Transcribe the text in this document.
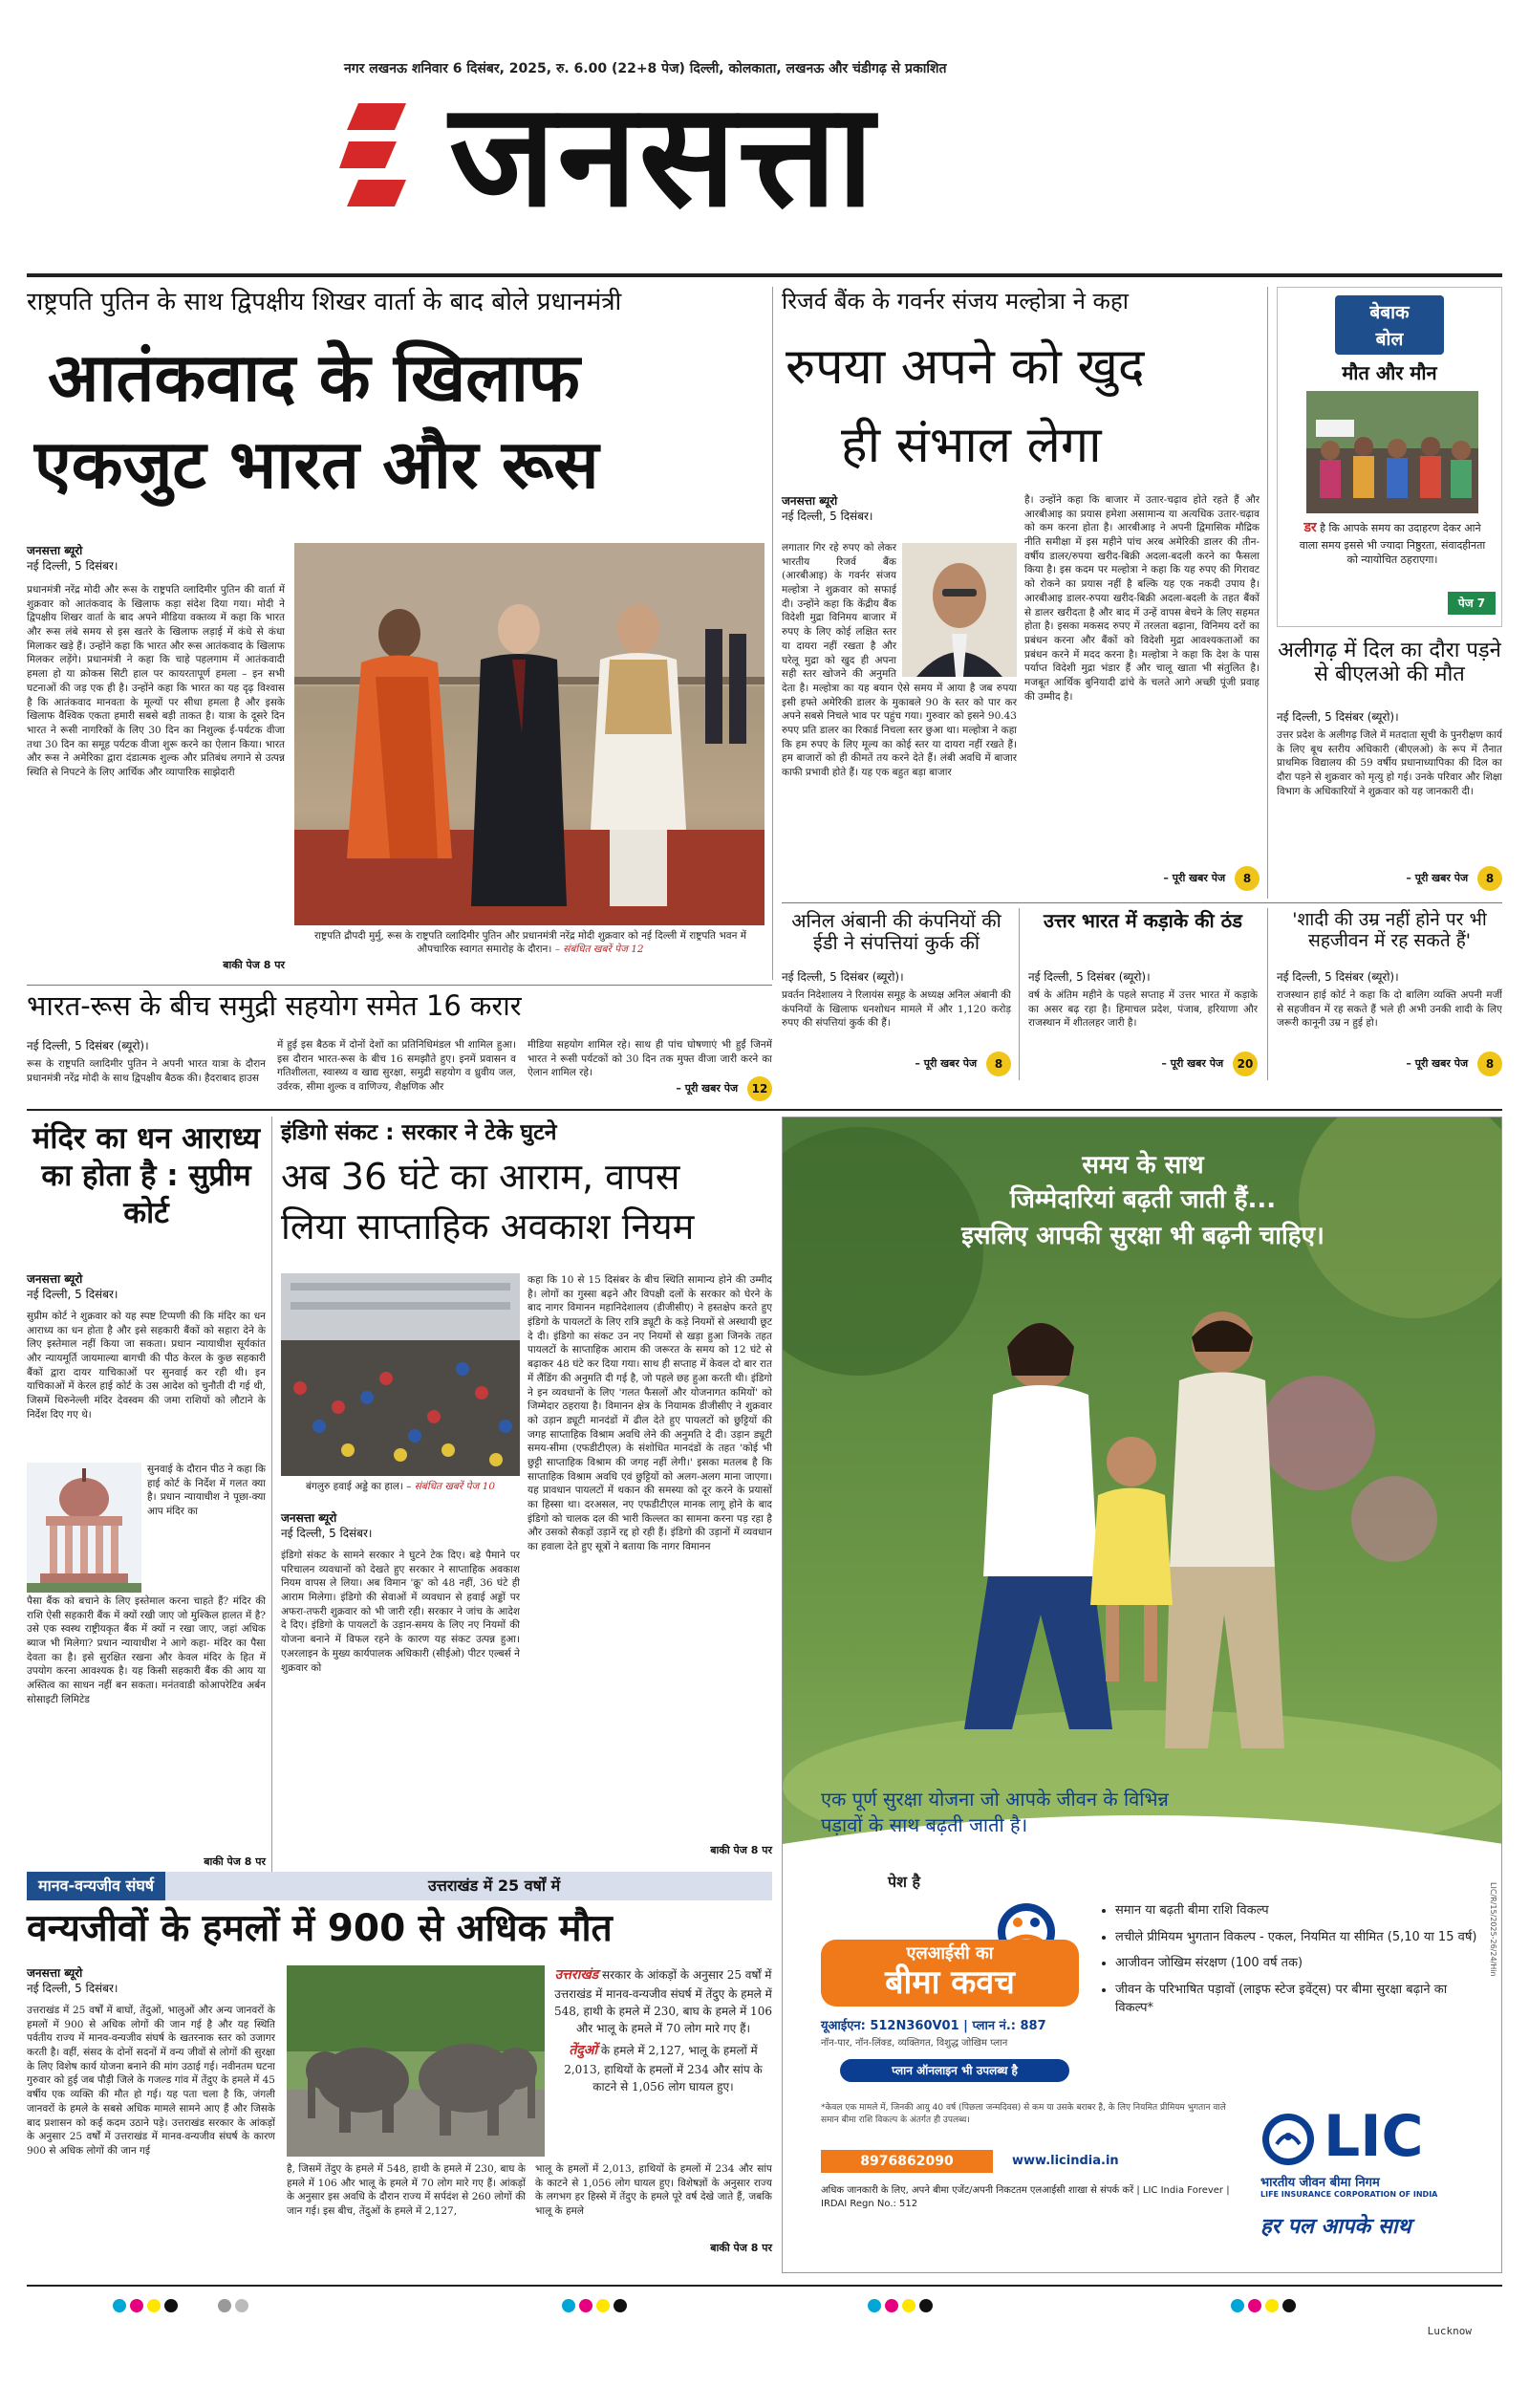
नगर लखनऊ शनिवार 6 दिसंबर, 2025, रु. 6.00 (22+8 पेज) दिल्ली, कोलकाता, लखनऊ और चंडीगढ़ से प्रकाशित
जनसत्ता
राष्ट्रपति पुतिन के साथ द्विपक्षीय शिखर वार्ता के बाद बोले प्रधानमंत्री
आतंकवाद के खिलाफ
एकजुट भारत और रूस
जनसत्ता ब्यूरो
नई दिल्ली, 5 दिसंबर।
प्रधानमंत्री नरेंद्र मोदी और रूस के राष्ट्रपति व्लादिमीर पुतिन की वार्ता में शुक्रवार को आतंकवाद के खिलाफ कड़ा संदेश दिया गया। मोदी ने द्विपक्षीय शिखर वार्ता के बाद अपने मीडिया वक्तव्य में कहा कि भारत और रूस लंबे समय से इस खतरे के खिलाफ लड़ाई में कंधे से कंधा मिलाकर खड़े हैं। उन्होंने कहा कि भारत और रूस आतंकवाद के खिलाफ मिलकर लड़ेंगे। प्रधानमंत्री ने कहा कि चाहे पहलगाम में आतंकवादी हमला हो या क्रोकस सिटी हाल पर कायरतापूर्ण हमला – इन सभी घटनाओं की जड़ एक ही है। उन्होंने कहा कि भारत का यह दृढ़ विश्वास है कि आतंकवाद मानवता के मूल्यों पर सीधा हमला है और इसके खिलाफ वैश्विक एकता हमारी सबसे बड़ी ताकत है। यात्रा के दूसरे दिन भारत ने रूसी नागरिकों के लिए 30 दिन का निशुल्क ई-पर्यटक वीजा तथा 30 दिन का समूह पर्यटक वीजा शुरू करने का ऐलान किया। भारत और रूस ने अमेरिका द्वारा दंडात्मक शुल्क और प्रतिबंध लगाने से उत्पन्न स्थिति से निपटने के लिए आर्थिक और व्यापारिक साझेदारी
बाकी पेज 8 पर
राष्ट्रपति द्रौपदी मुर्मु, रूस के राष्ट्रपति व्लादिमीर पुतिन और प्रधानमंत्री नरेंद्र मोदी शुक्रवार को नई दिल्ली में राष्ट्रपति भवन में औपचारिक स्वागत समारोह के दौरान। – संबंधित खबरें पेज 12
रिजर्व बैंक के गवर्नर संजय मल्होत्रा ने कहा
रुपया अपने को खुद
ही संभाल लेगा
जनसत्ता ब्यूरो
नई दिल्ली, 5 दिसंबर।
लगातार गिर रहे रुपए को लेकर भारतीय रिजर्व बैंक (आरबीआइ) के गवर्नर संजय मल्होत्रा ने शुक्रवार को सफाई दी। उन्होंने कहा कि केंद्रीय बैंक विदेशी मुद्रा विनिमय बाजार में रुपए के लिए कोई लक्षित स्तर या दायरा नहीं रखता है और घरेलू मुद्रा को खुद ही अपना सही स्तर खोजने की अनुमति देता है। मल्होत्रा का यह बयान ऐसे समय में आया है जब रुपया इसी हफ्ते अमेरिकी डालर के मुकाबले 90 के स्तर को पार कर अपने सबसे निचले भाव पर पहुंच गया। गुरुवार को इसने 90.43 रुपए प्रति डालर का रिकार्ड निचला स्तर छुआ था। मल्होत्रा ने कहा कि हम रुपए के लिए मूल्य का कोई स्तर या दायरा नहीं रखते हैं। हम बाजारों को ही कीमतें तय करने देते हैं। लंबी अवधि में बाजार काफी प्रभावी होते हैं। यह एक बहुत बड़ा बाजार
है। उन्होंने कहा कि बाजार में उतार-चढ़ाव होते रहते हैं और आरबीआइ का प्रयास हमेशा असामान्य या अत्यधिक उतार-चढ़ाव को कम करना होता है। आरबीआइ ने अपनी द्विमासिक मौद्रिक नीति समीक्षा में इस महीने पांच अरब अमेरिकी डालर की तीन-वर्षीय डालर/रुपया खरीद-बिक्री अदला-बदली करने का फैसला किया है। इस कदम पर मल्होत्रा ने कहा कि यह रुपए की गिरावट को रोकने का प्रयास नहीं है बल्कि यह एक नकदी उपाय है। आरबीआइ डालर-रुपया खरीद-बिक्री अदला-बदली के तहत बैंकों से डालर खरीदता है और बाद में उन्हें वापस बेचने के लिए सहमत होता है। इसका मकसद रुपए में तरलता बढ़ाना, विनिमय दरों का प्रबंधन करना और बैंकों को विदेशी मुद्रा आवश्यकताओं का प्रबंधन करने में मदद करना है। मल्होत्रा ने कहा कि देश के पास पर्याप्त विदेशी मुद्रा भंडार हैं और चालू खाता भी संतुलित है। मजबूत आर्थिक बुनियादी ढांचे के चलते आगे अच्छी पूंजी प्रवाह की उम्मीद है।
– पूरी खबर पेज 8
बेबाक
बोल
मौत और मौन
डर है कि आपके समय का उदाहरण देकर आने वाला समय इससे भी ज्यादा निष्ठुरता, संवादहीनता को न्यायोचित ठहराएगा।
पेज 7
अलीगढ़ में दिल का दौरा पड़ने से बीएलओ की मौत
नई दिल्ली, 5 दिसंबर (ब्यूरो)।
उत्तर प्रदेश के अलीगढ़ जिले में मतदाता सूची के पुनरीक्षण कार्य के लिए बूथ स्तरीय अधिकारी (बीएलओ) के रूप में तैनात प्राथमिक विद्यालय की 59 वर्षीय प्रधानाध्यापिका की दिल का दौरा पड़ने से शुक्रवार को मृत्यु हो गई। उनके परिवार और शिक्षा विभाग के अधिकारियों ने शुक्रवार को यह जानकारी दी।
– पूरी खबर पेज 8
अनिल अंबानी की कंपनियों की ईडी ने संपत्तियां कुर्क कीं
नई दिल्ली, 5 दिसंबर (ब्यूरो)।
प्रवर्तन निदेशालय ने रिलायंस समूह के अध्यक्ष अनिल अंबानी की कंपनियों के खिलाफ धनशोधन मामले में और 1,120 करोड़ रुपए की संपत्तियां कुर्क की हैं।
– पूरी खबर पेज 8
उत्तर भारत में कड़ाके की ठंड
नई दिल्ली, 5 दिसंबर (ब्यूरो)।
वर्ष के अंतिम महीने के पहले सप्ताह में उत्तर भारत में कड़ाके का असर बढ़ रहा है। हिमाचल प्रदेश, पंजाब, हरियाणा और राजस्थान में शीतलहर जारी है।
– पूरी खबर पेज 20
'शादी की उम्र नहीं होने पर भी सहजीवन में रह सकते हैं'
नई दिल्ली, 5 दिसंबर (ब्यूरो)।
राजस्थान हाई कोर्ट ने कहा कि दो बालिग व्यक्ति अपनी मर्जी से सहजीवन में रह सकते हैं भले ही अभी उनकी शादी के लिए जरूरी कानूनी उम्र न हुई हो।
– पूरी खबर पेज 8
भारत-रूस के बीच समुद्री सहयोग समेत 16 करार
नई दिल्ली, 5 दिसंबर (ब्यूरो)।
रूस के राष्ट्रपति व्लादिमीर पुतिन ने अपनी भारत यात्रा के दौरान प्रधानमंत्री नरेंद्र मोदी के साथ द्विपक्षीय बैठक की। हैदराबाद हाउस
में हुई इस बैठक में दोनों देशों का प्रतिनिधिमंडल भी शामिल हुआ। इस दौरान भारत-रूस के बीच 16 समझौते हुए। इनमें प्रवासन व गतिशीलता, स्वास्थ्य व खाद्य सुरक्षा, समुद्री सहयोग व ध्रुवीय जल, उर्वरक, सीमा शुल्क व वाणिज्य, शैक्षणिक और
मीडिया सहयोग शामिल रहे। साथ ही पांच घोषणाएं भी हुईं जिनमें भारत ने रूसी पर्यटकों को 30 दिन तक मुफ्त वीजा जारी करने का ऐलान शामिल रहे।
– पूरी खबर पेज 12
मंदिर का धन आराध्य का होता है : सुप्रीम कोर्ट
जनसत्ता ब्यूरो
नई दिल्ली, 5 दिसंबर।
सुप्रीम कोर्ट ने शुक्रवार को यह स्पष्ट टिप्पणी की कि मंदिर का धन आराध्य का धन होता है और इसे सहकारी बैंकों को सहारा देने के लिए इस्तेमाल नहीं किया जा सकता। प्रधान न्यायाधीश सूर्यकांत और न्यायमूर्ति जायमाल्या बागची की पीठ केरल के कुछ सहकारी बैंकों द्वारा दायर याचिकाओं पर सुनवाई कर रही थी। इन याचिकाओं में केरल हाई कोर्ट के उस आदेश को चुनौती दी गई थी, जिसमें थिरुनेल्ली मंदिर देवस्वम की जमा राशियों को लौटाने के निर्देश दिए गए थे।
सुनवाई के दौरान पीठ ने कहा कि हाई कोर्ट के निर्देश में गलत क्या है। प्रधान न्यायाधीश ने पूछा-क्या आप मंदिर का
पैसा बैंक को बचाने के लिए इस्तेमाल करना चाहते हैं? मंदिर की राशि ऐसी सहकारी बैंक में क्यों रखी जाए जो मुश्किल हालत में है? उसे एक स्वस्थ राष्ट्रीयकृत बैंक में क्यों न रखा जाए, जहां अधिक ब्याज भी मिलेगा? प्रधान न्यायाधीश ने आगे कहा- मंदिर का पैसा देवता का है। इसे सुरक्षित रखना और केवल मंदिर के हित में उपयोग करना आवश्यक है। यह किसी सहकारी बैंक की आय या अस्तित्व का साधन नहीं बन सकता। मनंतवाडी कोआपरेटिव अर्बन सोसाइटी लिमिटेड
बाकी पेज 8 पर
इंडिगो संकट : सरकार ने टेके घुटने
अब 36 घंटे का आराम, वापस
लिया साप्ताहिक अवकाश नियम
बंगलुरु हवाई अड्डे का हाल। – संबंधित खबरें पेज 10
जनसत्ता ब्यूरो
नई दिल्ली, 5 दिसंबर।
इंडिगो संकट के सामने सरकार ने घुटने टेक दिए। बड़े पैमाने पर परिचालन व्यवधानों को देखते हुए सरकार ने साप्ताहिक अवकाश नियम वापस ले लिया। अब विमान 'क्रू' को 48 नहीं, 36 घंटे ही आराम मिलेगा। इंडिगो की सेवाओं में व्यवधान से हवाई अड्डों पर अफरा-तफरी शुक्रवार को भी जारी रही। सरकार ने जांच के आदेश दे दिए। इंडिगो के पायलटों के उड़ान-समय के लिए नए नियमों की योजना बनाने में विफल रहने के कारण यह संकट उत्पन्न हुआ। एअरलाइन के मुख्य कार्यपालक अधिकारी (सीईओ) पीटर एल्बर्स ने शुक्रवार को
कहा कि 10 से 15 दिसंबर के बीच स्थिति सामान्य होने की उम्मीद है। लोगों का गुस्सा बढ़ने और विपक्षी दलों के सरकार को घेरने के बाद नागर विमानन महानिदेशालय (डीजीसीए) ने हस्तक्षेप करते हुए इंडिगो के पायलटों के लिए रात्रि ड्यूटी के कड़े नियमों से अस्थायी छूट दे दी। इंडिगो का संकट उन नए नियमों से खड़ा हुआ जिनके तहत पायलटों के साप्ताहिक आराम की जरूरत के समय को 12 घंटे से बढ़ाकर 48 घंटे कर दिया गया। साथ ही सप्ताह में केवल दो बार रात में लैंडिंग की अनुमति दी गई है, जो पहले छह हुआ करती थी। इंडिगो ने इन व्यवधानों के लिए 'गलत फैसलों और योजनागत कमियों' को जिम्मेदार ठहराया है। विमानन क्षेत्र के नियामक डीजीसीए ने शुक्रवार को उड़ान ड्यूटी मानदंडों में ढील देते हुए पायलटों को छुट्टियों की जगह साप्ताहिक विश्राम अवधि लेने की अनुमति दे दी। उड़ान ड्यूटी समय-सीमा (एफडीटीएल) के संशोधित मानदंडों के तहत 'कोई भी छुट्टी साप्ताहिक विश्राम की जगह नहीं लेगी।' इसका मतलब है कि साप्ताहिक विश्राम अवधि एवं छुट्टियों को अलग-अलग माना जाएगा। यह प्रावधान पायलटों में थकान की समस्या को दूर करने के प्रयासों का हिस्सा था। दरअसल, नए एफडीटीएल मानक लागू होने के बाद इंडिगो को चालक दल की भारी किल्लत का सामना करना पड़ रहा है और उसको सैकड़ों उड़ानें रद्द हो रही हैं। इंडिगो की उड़ानों में व्यवधान का हवाला देते हुए सूत्रों ने बताया कि नागर विमानन
बाकी पेज 8 पर
मानव-वन्यजीव संघर्ष	उत्तराखंड में 25 वर्षों में
वन्यजीवों के हमलों में 900 से अधिक मौत
जनसत्ता ब्यूरो
नई दिल्ली, 5 दिसंबर।
उत्तराखंड में 25 वर्षों में बाघों, तेंदुओं, भालुओं और अन्य जानवरों के हमलों में 900 से अधिक लोगों की जान गई है और यह स्थिति पर्वतीय राज्य में मानव-वन्यजीव संघर्ष के खतरनाक स्तर को उजागर करती है। वहीं, संसद के दोनों सदनों में वन्य जीवों से लोगों की सुरक्षा के लिए विशेष कार्य योजना बनाने की मांग उठाई गई। नवीनतम घटना गुरुवार को हुई जब पौड़ी जिले के गजल्ड गांव में तेंदुए के हमले में 45 वर्षीय एक व्यक्ति की मौत हो गई। यह पता चला है कि, जंगली जानवरों के हमले के सबसे अधिक मामले सामने आए हैं और जिसके बाद प्रशासन को कई कदम उठाने पड़े। उत्तराखंड सरकार के आंकड़ों के अनुसार 25 वर्षों में उत्तराखंड में मानव-वन्यजीव संघर्ष के कारण 900 से अधिक लोगों की जान गई
उत्तराखंड सरकार के आंकड़ों के अनुसार 25 वर्षों में उत्तराखंड में मानव-वन्यजीव संघर्ष में तेंदुए के हमले में 548, हाथी के हमले में 230, बाघ के हमले में 106 और भालू के हमले में 70 लोग मारे गए हैं।
तेंदुओं के हमले में 2,127, भालू के हमलों में 2,013, हाथियों के हमलों में 234 और सांप के काटने से 1,056 लोग घायल हुए।
है, जिसमें तेंदुए के हमले में 548, हाथी के हमले में 230, बाघ के हमले में 106 और भालू के हमले में 70 लोग मारे गए हैं। आंकड़ों के अनुसार इस अवधि के दौरान राज्य में सर्पदंश से 260 लोगों की जान गई। इस बीच, तेंदुओं के हमले में 2,127,
भालू के हमलों में 2,013, हाथियों के हमलों में 234 और सांप के काटने से 1,056 लोग घायल हुए। विशेषज्ञों के अनुसार राज्य के लगभग हर हिस्से में तेंदुए के हमले पूरे वर्ष देखे जाते हैं, जबकि भालू के हमले
बाकी पेज 8 पर
समय के साथ
जिम्मेदारियां बढ़ती जाती हैं...
इसलिए आपकी सुरक्षा भी बढ़नी चाहिए।
एक पूर्ण सुरक्षा योजना जो आपके जीवन के विभिन्न पड़ावों के साथ बढ़ती जाती है।
पेश है
एलआईसी का
बीमा कवच
यूआईएन: 512N360V01 | प्लान नं.: 887
नॉन-पार, नॉन-लिंक्ड, व्यक्तिगत, विशुद्ध जोखिम प्लान
प्लान ऑनलाइन भी उपलब्ध है
• समान या बढ़ती बीमा राशि विकल्प
• लचीले प्रीमियम भुगतान विकल्प - एकल, नियमित या सीमित (5,10 या 15 वर्ष)
• आजीवन जोखिम संरक्षण (100 वर्ष तक)
• जीवन के परिभाषित पड़ावों (लाइफ स्टेज इवेंट्स) पर बीमा सुरक्षा बढ़ाने का विकल्प*
LIC
भारतीय जीवन बीमा निगम
LIFE INSURANCE CORPORATION OF INDIA
हर पल आपके साथ
*केवल एक मामले में, जिनकी आयु 40 वर्ष (पिछला जन्मदिवस) से कम या उसके बराबर है, के लिए नियमित प्रीमियम भुगतान वाले समान बीमा राशि विकल्प के अंतर्गत ही उपलब्ध।
8976862090	www.licindia.in
अधिक जानकारी के लिए, अपने बीमा एजेंट/अपनी निकटतम एलआईसी शाखा से संपर्क करें | LIC India Forever | IRDAI Regn No.: 512
LIC/R/15/2025-26/24/Hin
Lucknow
